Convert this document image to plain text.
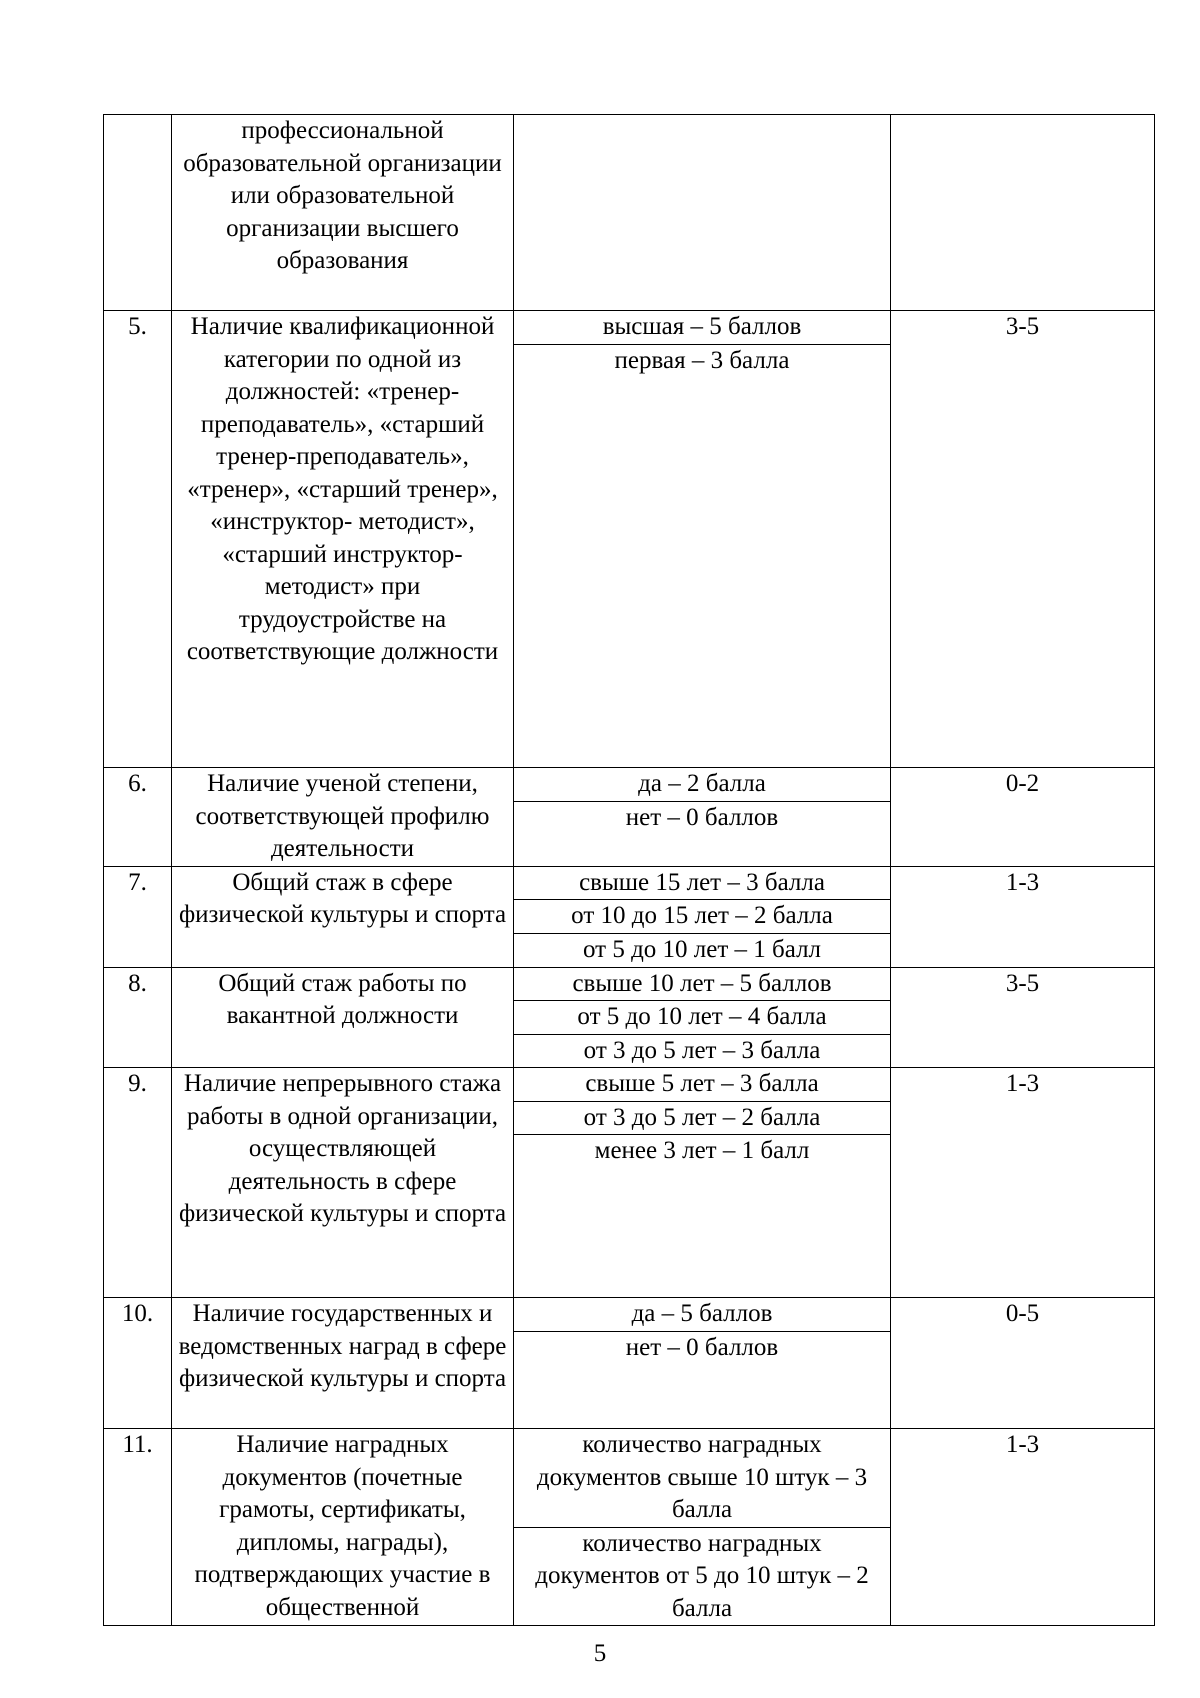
	профессиональной образовательной организации или образовательной организации высшего образования		
5.	Наличие квалификационной категории по одной из должностей: «тренер-преподаватель», «старший тренер-преподаватель», «тренер», «старший тренер», «инструктор- методист», «старший инструктор-методист» при трудоустройстве на соответствующие должности	высшая – 5 баллов
первая – 3 балла	3-5
6.	Наличие ученой степени, соответствующей профилю деятельности	да – 2 балла
нет – 0 баллов	0-2
7.	Общий стаж в сфере физической культуры и спорта	свыше 15 лет – 3 балла
от 10 до 15 лет – 2 балла
от 5 до 10 лет – 1 балл	1-3
8.	Общий стаж работы по вакантной должности	свыше 10 лет – 5 баллов
от 5 до 10 лет – 4 балла
от 3 до 5 лет – 3 балла	3-5
9.	Наличие непрерывного стажа работы в одной организации, осуществляющей деятельность в сфере физической культуры и спорта	свыше 5 лет – 3 балла
от 3 до 5 лет – 2 балла
менее 3 лет – 1 балл	1-3
10.	Наличие государственных и ведомственных наград в сфере физической культуры и спорта	да – 5 баллов
нет – 0 баллов	0-5
11.	Наличие наградных документов (почетные грамоты, сертификаты, дипломы, награды), подтверждающих участие в общественной	количество наградных документов свыше 10 штук – 3 балла
количество наградных документов от 5 до 10 штук – 2 балла	1-3
5
